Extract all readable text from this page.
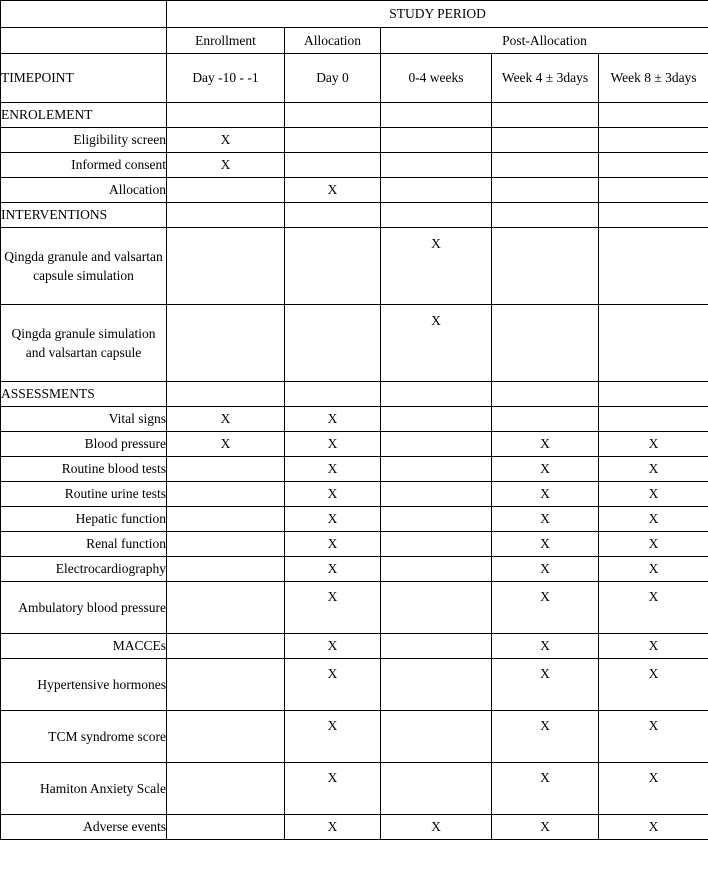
	STUDY PERIOD				

	Enrollment	Allocation	Post-Allocation		
TIMEPOINT	Day -10 - -1	Day 0	0-4 weeks	Week 4 ± 3days	Week 8 ± 3days
ENROLEMENT					
Eligibility screen	X				
Informed consent	X				
Allocation		X			
INTERVENTIONS					
Qingda granule and valsartan capsule simulation			X		
Qingda granule simulation and valsartan capsule			X		
ASSESSMENTS					
Vital signs	X	X			
Blood pressure	X	X		X	X
Routine blood tests		X		X	X
Routine urine tests		X		X	X
Hepatic function		X		X	X
Renal function		X		X	X
Electrocardiography		X		X	X
Ambulatory blood pressure		X		X	X
MACCEs		X		X	X
Hypertensive hormones		X		X	X
TCM syndrome score		X		X	X
Hamiton Anxiety Scale		X		X	X
Adverse events		X	X	X	X
